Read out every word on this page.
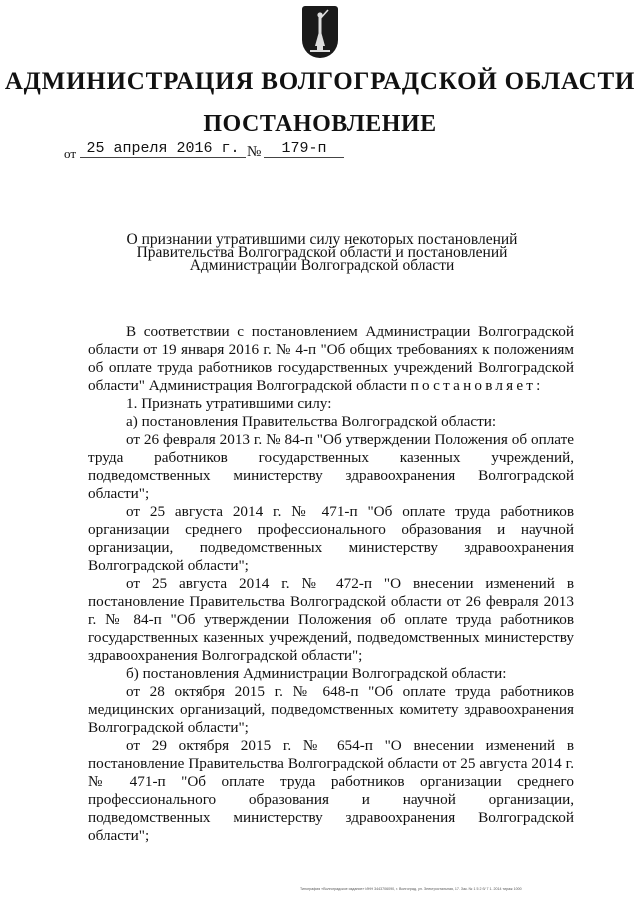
АДМИНИСТРАЦИЯ ВОЛГОГРАДСКОЙ ОБЛАСТИ
ПОСТАНОВЛЕНИЕ
от 25 апреля 2016 г. №	179-п
О признании утратившими силу некоторых постановлений
Правительства Волгоградской области и постановлений
Администрации Волгоградской области

В соответствии с постановлением Администрации Волгоградской области от 19 января 2016 г. № 4-п "Об общих требованиях к положениям об оплате труда работников государственных учреждений Волгоградской области" Администрация Волгоградской области постановляет:

1. Признать утратившими силу:

а) постановления Правительства Волгоградской области:

от 26 февраля 2013 г. № 84-п "Об утверждении Положения об оплате труда работников государственных казенных учреждений, подведомственных министерству здравоохранения Волгоградской области";

от 25 августа 2014 г. № 471-п "Об оплате труда работников организации среднего профессионального образования и научной организации, подведомственных министерству здравоохранения Волгоградской области";

от 25 августа 2014 г. № 472-п "О внесении изменений в постановление Правительства Волгоградской области от 26 февраля 2013 г. № 84-п "Об утверждении Положения об оплате труда работников государственных казенных учреждений, подведомственных министерству здравоохранения Волгоградской области";

б) постановления Администрации Волгоградской области:

от 28 октября 2015 г. № 648-п "Об оплате труда работников медицинских организаций, подведомственных комитету здравоохранения Волгоградской области";

от 29 октября 2015 г. № 654-п "О внесении изменений в постановление Правительства Волгоградской области от 25 августа 2014 г. № 471-п "Об оплате труда работников организации среднего профессионального образования и научной организации, подведомственных министерству здравоохранения Волгоградской области";

Типография «Волгоградское издание» ИНН 3443706090, г. Волгоград, ул. Электростальная, 17. Зак. № 1 5 2 б/ 7 1. 2014 тираж 1000
